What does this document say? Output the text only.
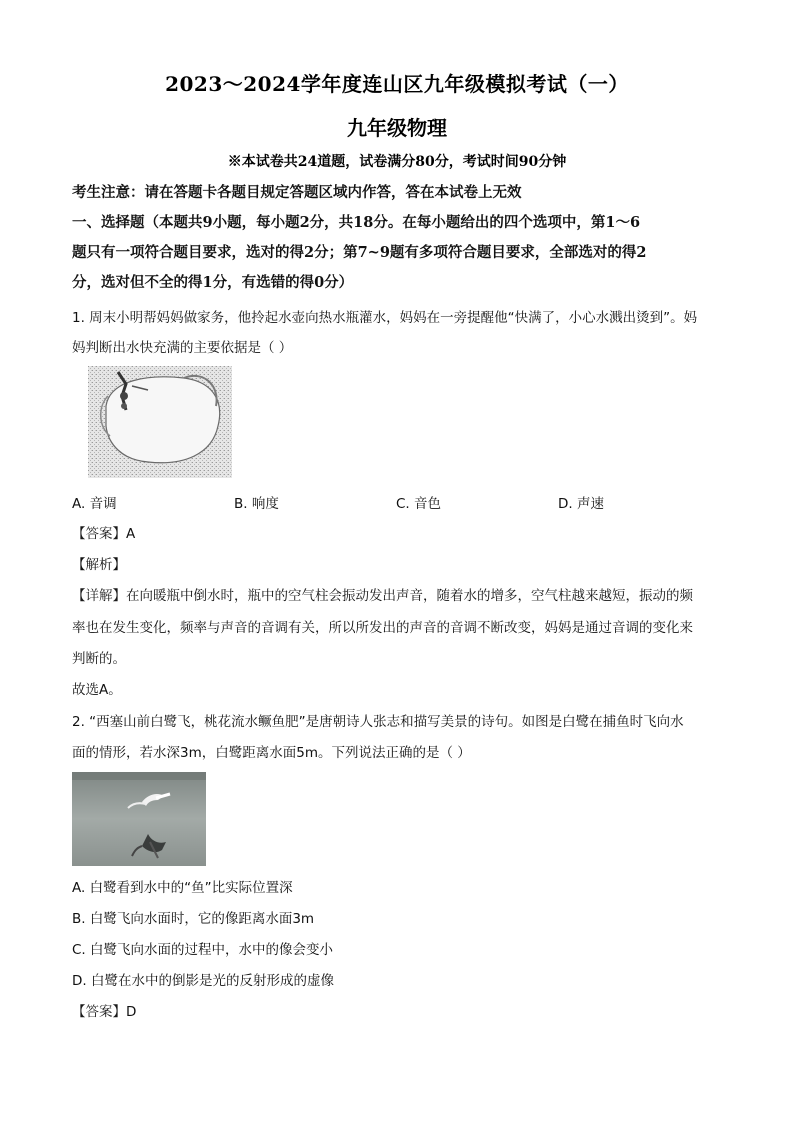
2023～2024学年度连山区九年级模拟考试（一）
九年级物理
※本试卷共24道题，试卷满分80分，考试时间90分钟
考生注意：请在答题卡各题目规定答题区域内作答，答在本试卷上无效
一、选择题（本题共9小题，每小题2分，共18分。在每小题给出的四个选项中，第1～6
题只有一项符合题目要求，选对的得2分；第7~9题有多项符合题目要求，全部选对的得2
分，选对但不全的得1分，有选错的得0分）
1. 周末小明帮妈妈做家务，他拎起水壶向热水瓶灌水，妈妈在一旁提醒他“快满了，小心水溅出烫到”。妈
妈判断出水快充满的主要依据是（ ）
A. 音调	B. 响度	C. 音色	D. 声速
【答案】A
【解析】
【详解】在向暖瓶中倒水时，瓶中的空气柱会振动发出声音，随着水的增多，空气柱越来越短，振动的频
率也在发生变化，频率与声音的音调有关，所以所发出的声音的音调不断改变，妈妈是通过音调的变化来
判断的。
故选A。
2. “西塞山前白鹭飞，桃花流水鳜鱼肥”是唐朝诗人张志和描写美景的诗句。如图是白鹭在捕鱼时飞向水
面的情形，若水深3m，白鹭距离水面5m。下列说法正确的是（ ）
A. 白鹭看到水中的“鱼”比实际位置深
B. 白鹭飞向水面时，它的像距离水面3m
C. 白鹭飞向水面的过程中，水中的像会变小
D. 白鹭在水中的倒影是光的反射形成的虚像
【答案】D
